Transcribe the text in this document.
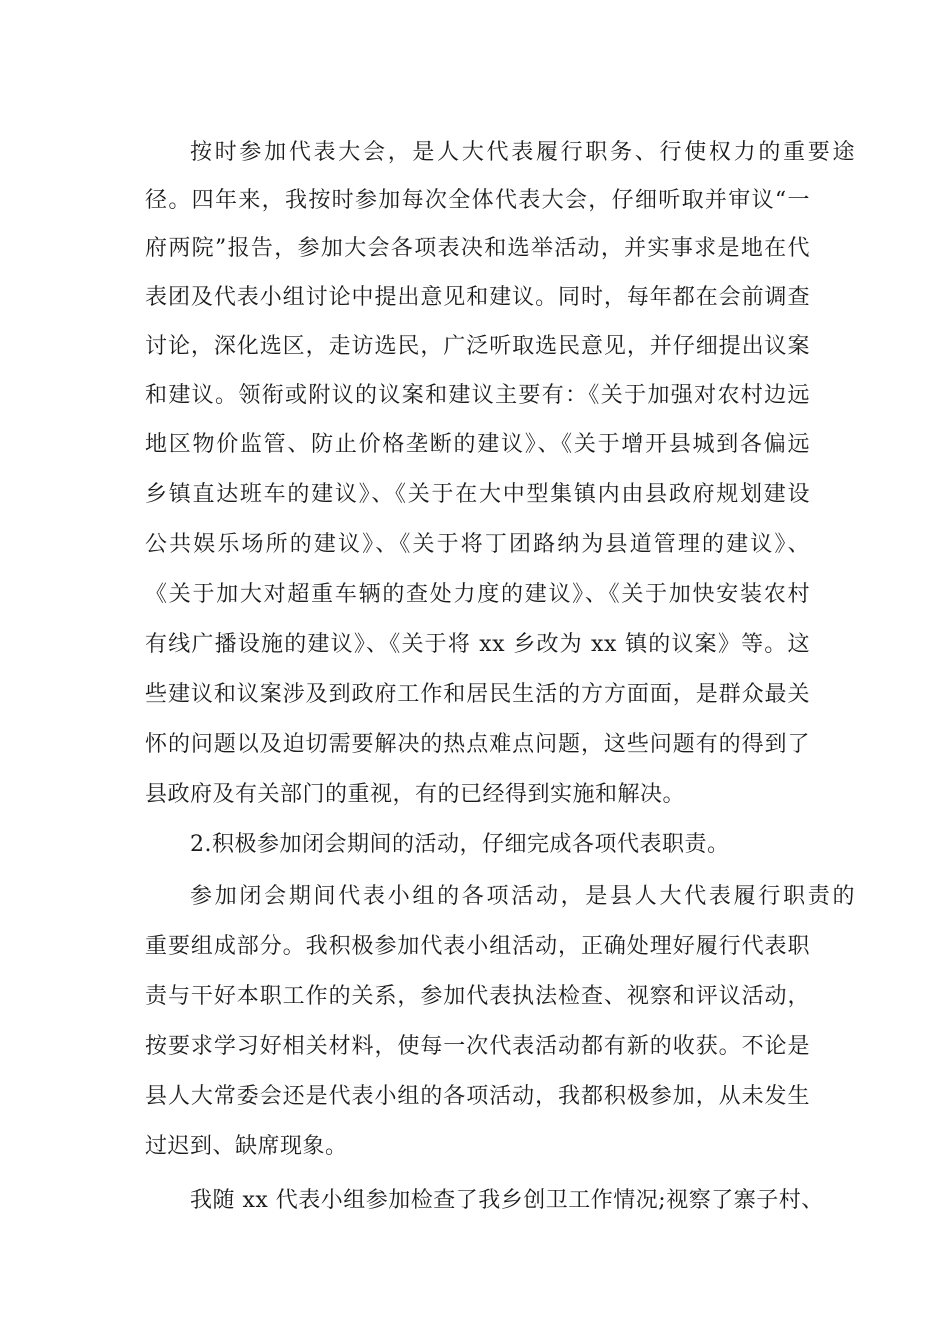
按时参加代表大会，是人大代表履行职务、行使权力的重要途
径。四年来，我按时参加每次全体代表大会，仔细听取并审议“一
府两院”报告，参加大会各项表决和选举活动，并实事求是地在代
表团及代表小组讨论中提出意见和建议。同时，每年都在会前调查
讨论，深化选区，走访选民，广泛听取选民意见，并仔细提出议案
和建议。领衔或附议的议案和建议主要有：《关于加强对农村边远
地区物价监管、防止价格垄断的建议》、《关于增开县城到各偏远
乡镇直达班车的建议》、《关于在大中型集镇内由县政府规划建设
公共娱乐场所的建议》、《关于将丁团路纳为县道管理的建议》、
《关于加大对超重车辆的查处力度的建议》、《关于加快安装农村
有线广播设施的建议》、《关于将 xx 乡改为 xx 镇的议案》等。这
些建议和议案涉及到政府工作和居民生活的方方面面，是群众最关
怀的问题以及迫切需要解决的热点难点问题，这些问题有的得到了
县政府及有关部门的重视，有的已经得到实施和解决。
2.积极参加闭会期间的活动，仔细完成各项代表职责。
参加闭会期间代表小组的各项活动，是县人大代表履行职责的
重要组成部分。我积极参加代表小组活动，正确处理好履行代表职
责与干好本职工作的关系，参加代表执法检查、视察和评议活动，
按要求学习好相关材料，使每一次代表活动都有新的收获。不论是
县人大常委会还是代表小组的各项活动，我都积极参加，从未发生
过迟到、缺席现象。
我随 xx 代表小组参加检查了我乡创卫工作情况;视察了寨子村、
